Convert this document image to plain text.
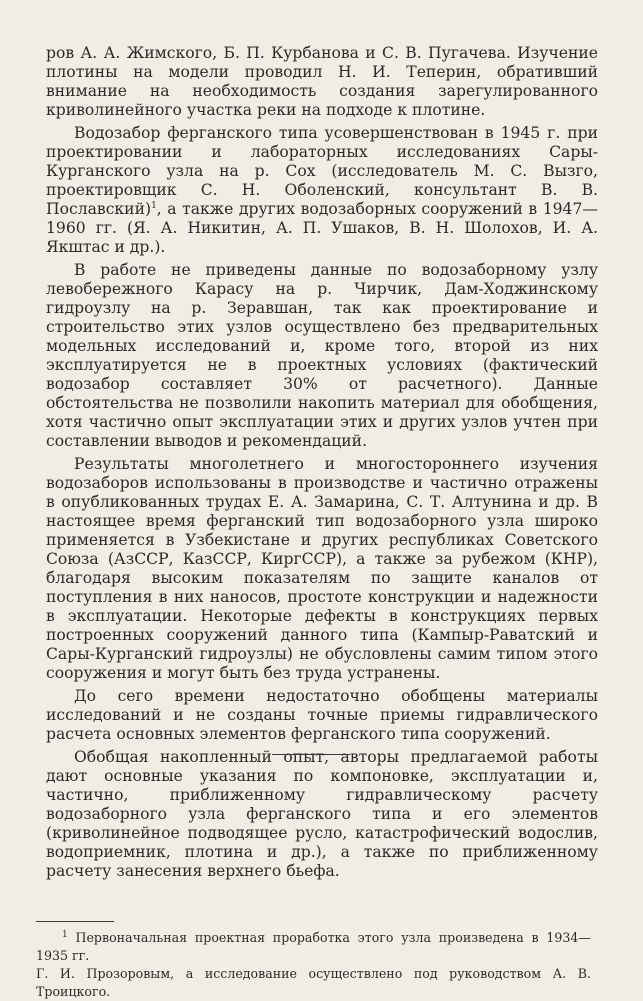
ров А. А. Жимского, Б. П. Курбанова и С. В. Пугачева. Изучение плотины на модели проводил Н. И. Теперин, обративший внимание на необходимость создания зарегулированного криволинейного участка реки на подходе к плотине.

Водозабор ферганского типа усовершенствован в 1945 г. при проектировании и лабораторных исследованиях Сары-Курганского узла на р. Сох (исследователь М. С. Вызго, проектировщик С. Н. Оболенский, консультант В. В. Пославский)$^1$, а также других водозаборных сооружений в 1947—1960 гг. (Я. А. Никитин, А. П. Ушаков, В. Н. Шолохов, И. А. Якштас и др.).

В работе не приведены данные по водозаборному узлу левобережного Карасу на р. Чирчик, Дам-Ходжинскому гидроузлу на р. Зеравшан, так как проектирование и строительство этих узлов осуществлено без предварительных модельных исследований и, кроме того, второй из них эксплуатируется не в проектных условиях (фактический водозабор составляет 30% от расчетного). Данные обстоятельства не позволили накопить материал для обобщения, хотя частично опыт эксплуатации этих и других узлов учтен при составлении выводов и рекомендаций.

Результаты многолетнего и многостороннего изучения водозаборов использованы в производстве и частично отражены в опубликованных трудах Е. А. Замарина, С. Т. Алтунина и др. В настоящее время ферганский тип водозаборного узла широко применяется в Узбекистане и других республиках Советского Союза (АзССР, КазССР, КиргССР), а также за рубежом (КНР), благодаря высоким показателям по защите каналов от поступления в них наносов, простоте конструкции и надежности в эксплуатации. Некоторые дефекты в конструкциях первых построенных сооружений данного типа (Кампыр-Раватский и Сары-Курганский гидроузлы) не обусловлены самим типом этого сооружения и могут быть без труда устранены.

До сего времени недостаточно обобщены материалы исследований и не созданы точные приемы гидравлического расчета основных элементов ферганского типа сооружений.

Обобщая накопленный опыт, авторы предлагаемой работы дают основные указания по компоновке, эксплуатации и, частично, приближенному гидравлическому расчету водозаборного узла ферганского типа и его элементов (криволинейное подводящее русло, катастрофический водослив, водоприемник, плотина и др.), а также по приближенному расчету занесения верхнего бьефа.

$^1$ Первоначальная проектная проработка этого узла произведена в 1934— 1935 гг.
Г. И. Прозоровым, а исследование осуществлено под руководством А. В. Троицкого.
